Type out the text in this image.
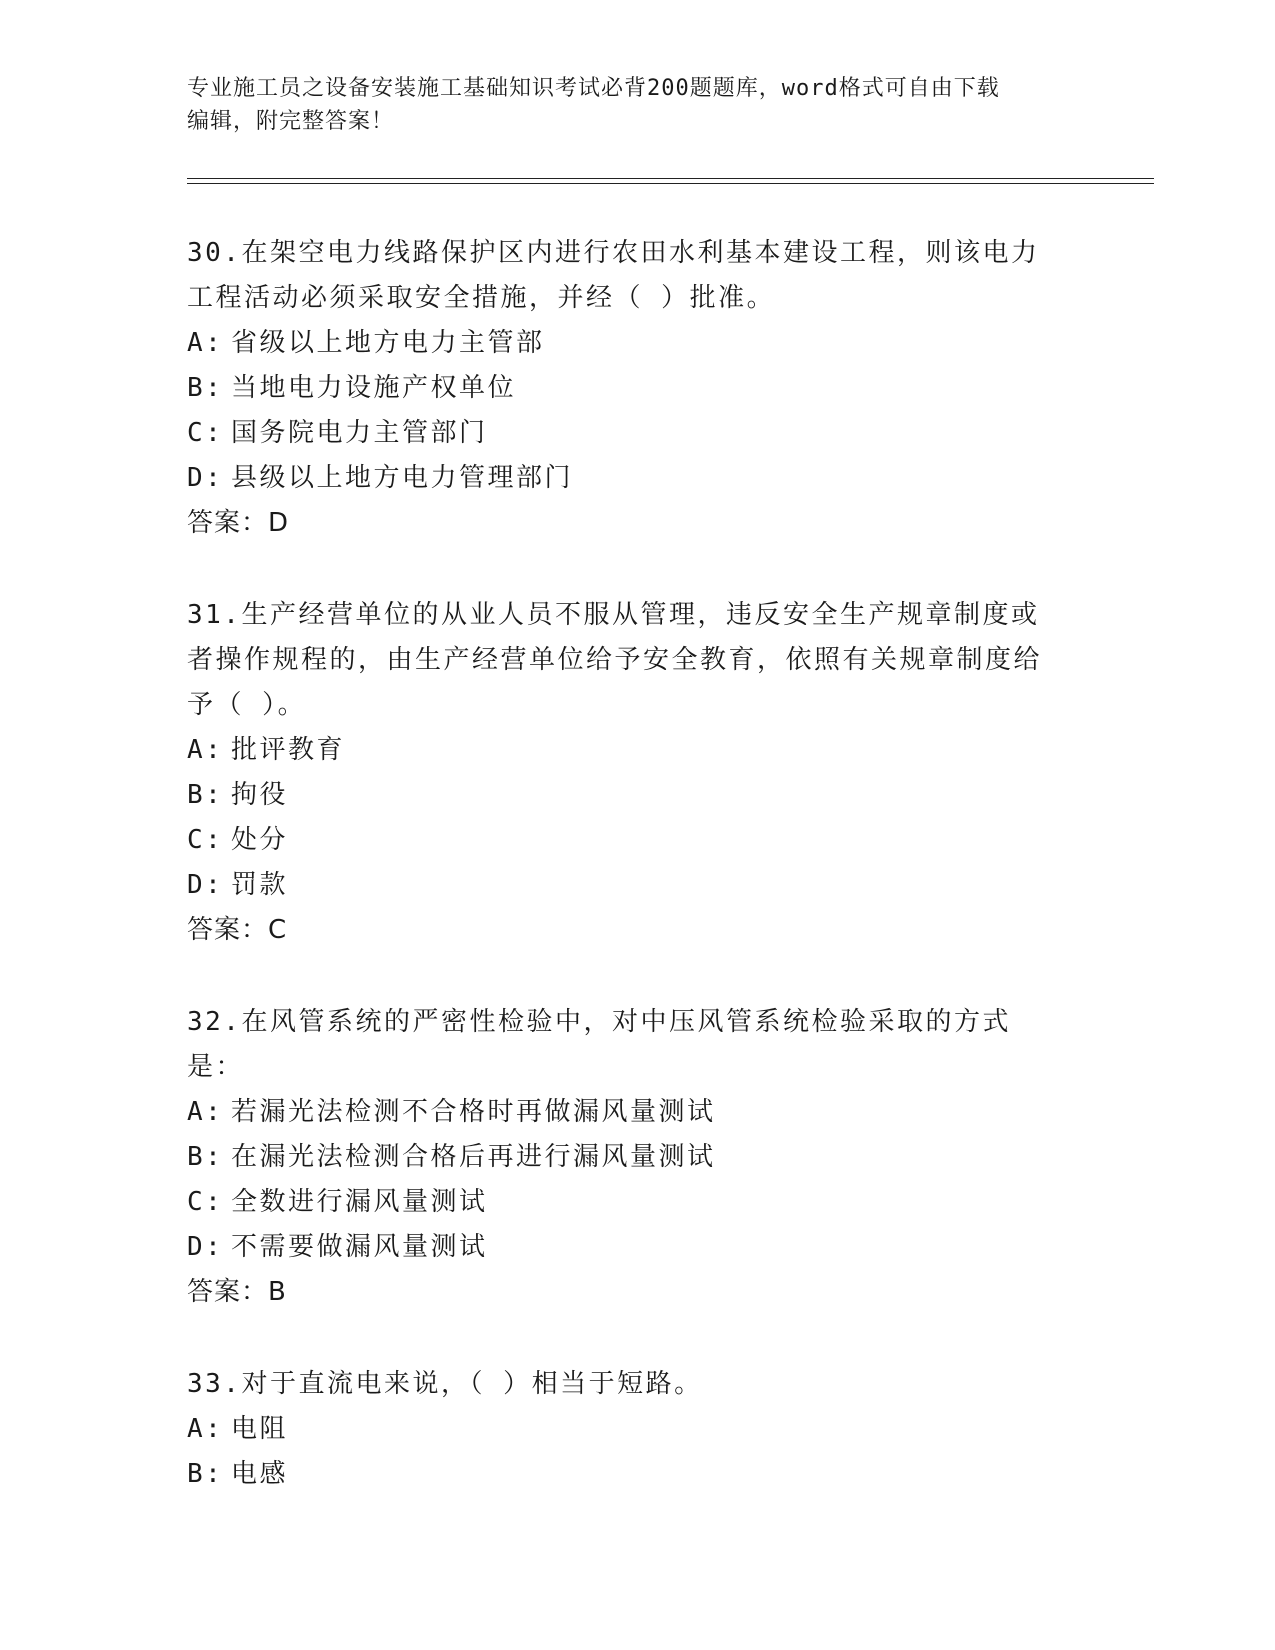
专业施工员之设备安装施工基础知识考试必背200题题库，word格式可自由下载
编辑，附完整答案！
30.在架空电力线路保护区内进行农田水利基本建设工程，则该电力工程活动必须采取安全措施，并经（ ）批准。
A: 省级以上地方电力主管部
B: 当地电力设施产权单位
C: 国务院电力主管部门
D: 县级以上地方电力管理部门
答案：D
31.生产经营单位的从业人员不服从管理，违反安全生产规章制度或者操作规程的，由生产经营单位给予安全教育，依照有关规章制度给予（ ）。
A: 批评教育
B: 拘役
C: 处分
D: 罚款
答案：C
32.在风管系统的严密性检验中，对中压风管系统检验采取的方式是：
A: 若漏光法检测不合格时再做漏风量测试
B: 在漏光法检测合格后再进行漏风量测试
C: 全数进行漏风量测试
D: 不需要做漏风量测试
答案：B
33.对于直流电来说，（ ）相当于短路。
A: 电阻
B: 电感
